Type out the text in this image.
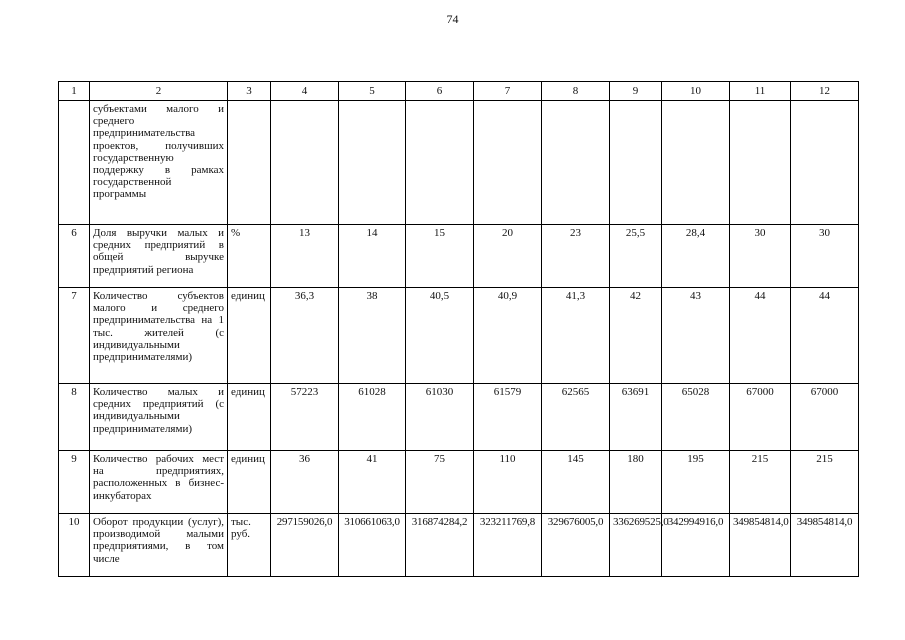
74
1	2	3	4	5	6	7	8	9	10	11	12
	субъектами малого и среднего предпринимательства проектов, получивших государственную поддержку в рамках государственной программы										
6	Доля выручки малых и средних предприятий в общей выручке предприятий региона	%	13	14	15	20	23	25,5	28,4	30	30
7	Количество субъектов малого и среднего предпринимательства на 1 тыс. жителей (с индивидуальными предпринимателями)	единиц	36,3	38	40,5	40,9	41,3	42	43	44	44
8	Количество малых и средних предприятий (с индивидуальными предпринимателями)	единиц	57223	61028	61030	61579	62565	63691	65028	67000	67000
9	Количество рабочих мест на предприятиях, расположенных в бизнес-инкубаторах	единиц	36	41	75	110	145	180	195	215	215
10	Оборот продукции (услуг), производимой малыми предприятиями, в том числе	тыс. руб.	297159026,0	310661063,0	316874284,2	323211769,8	329676005,0	336269525,0	342994916,0	349854814,0	349854814,0
